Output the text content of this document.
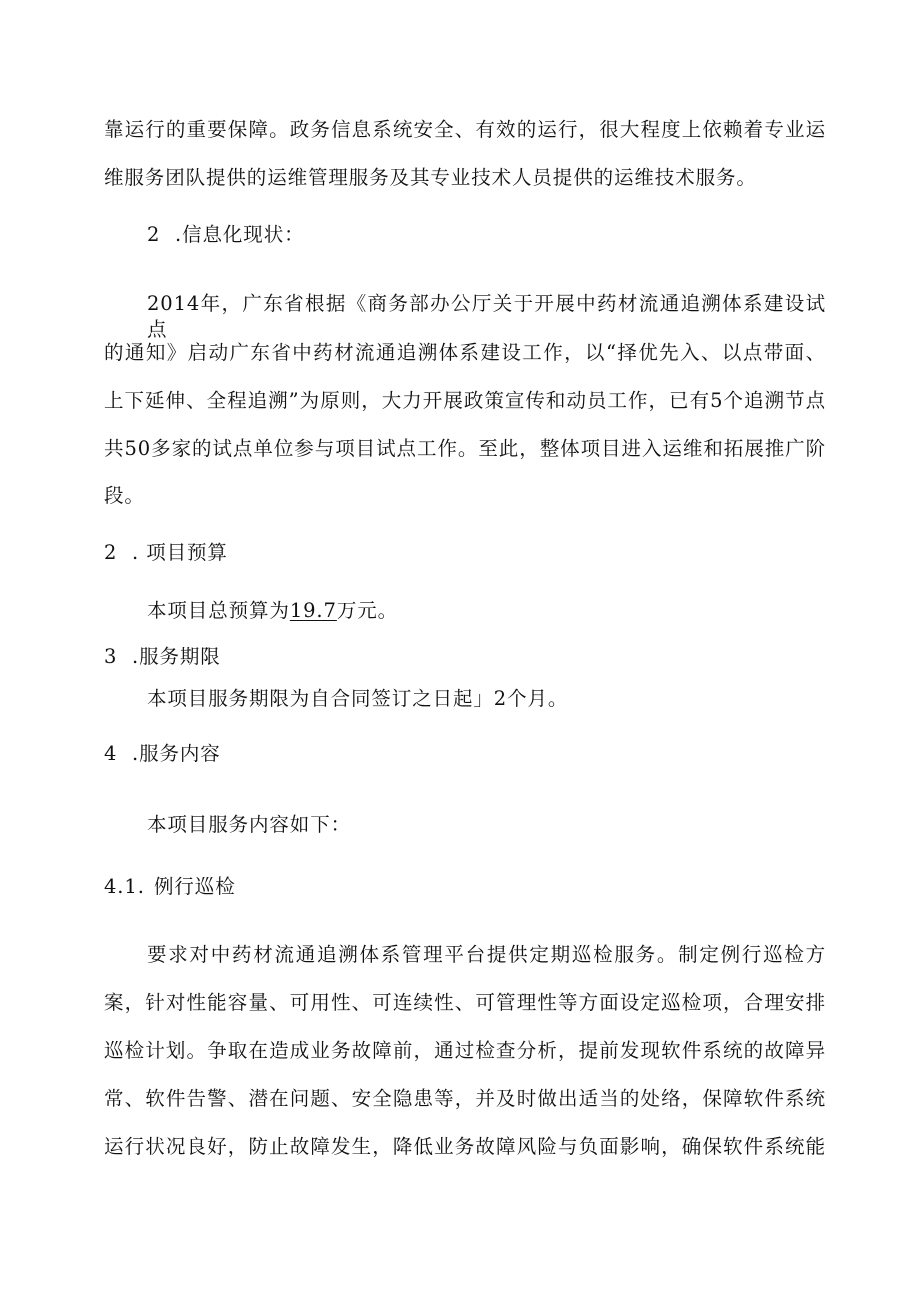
靠运行的重要保障。政务信息系统安全、有效的运行，很大程度上依赖着专业运
维服务团队提供的运维管理服务及其专业技术人员提供的运维技术服务。
2 .信息化现状：
2014年，广东省根据《商务部办公厅关于开展中药材流通追溯体系建设试点
的通知》启动广东省中药材流通追溯体系建设工作，以“择优先入、以点带面、
上下延伸、全程追溯”为原则，大力开展政策宣传和动员工作，已有5个追溯节点
共50多家的试点单位参与项目试点工作。至此，整体项目进入运维和拓展推广阶
段。
2 . 项目预算
本项目总预算为19.7万元。
3 .服务期限
本项目服务期限为自合同签订之日起」2个月。
4 .服务内容
本项目服务内容如下：
4.1. 例行巡检
要求对中药材流通追溯体系管理平台提供定期巡检服务。制定例行巡检方
案，针对性能容量、可用性、可连续性、可管理性等方面设定巡检项，合理安排
巡检计划。争取在造成业务故障前，通过检查分析，提前发现软件系统的故障异
常、软件告警、潜在问题、安全隐患等，并及时做出适当的处络，保障软件系统
运行状况良好，防止故障发生，降低业务故障风险与负面影响，确保软件系统能
